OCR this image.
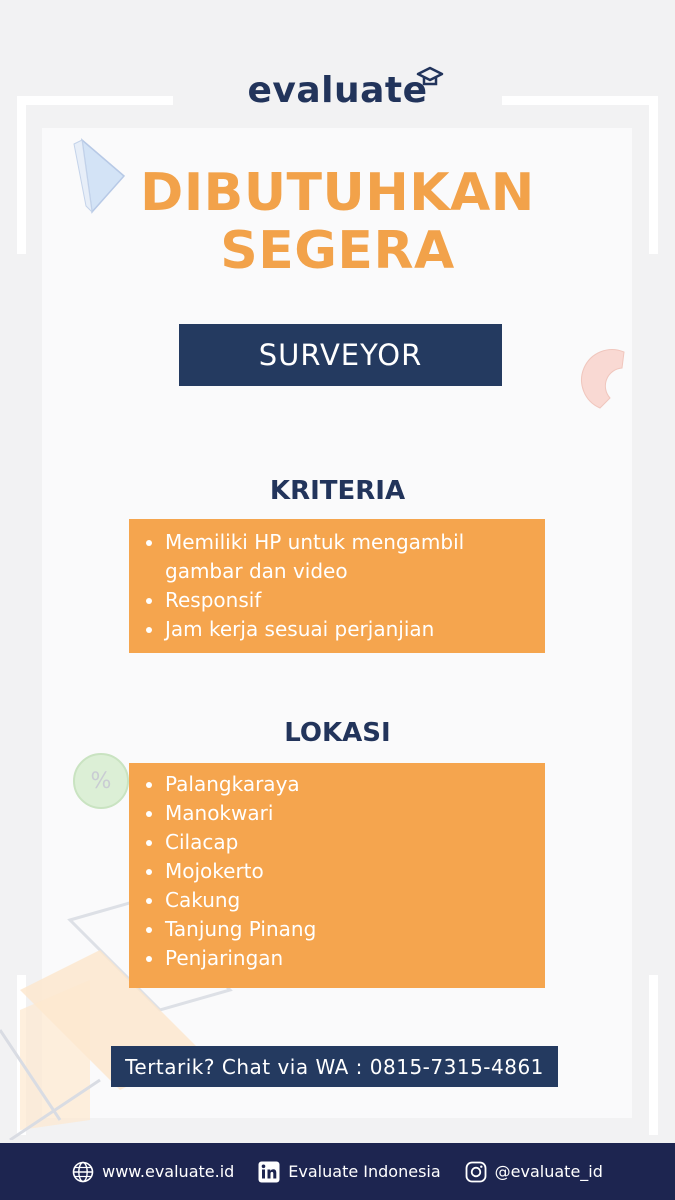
%
evaluate
DIBUTUHKAN
SEGERA
SURVEYOR
KRITERIA
Memiliki HP untuk mengambil gambar dan video
Responsif
Jam kerja sesuai perjanjian
LOKASI
Palangkaraya
Manokwari
Cilacap
Mojokerto
Cakung
Tanjung Pinang
Penjaringan
Tertarik? Chat via WA : 0815-7315-4861
www.evaluate.id	Evaluate Indonesia	@evaluate_id
